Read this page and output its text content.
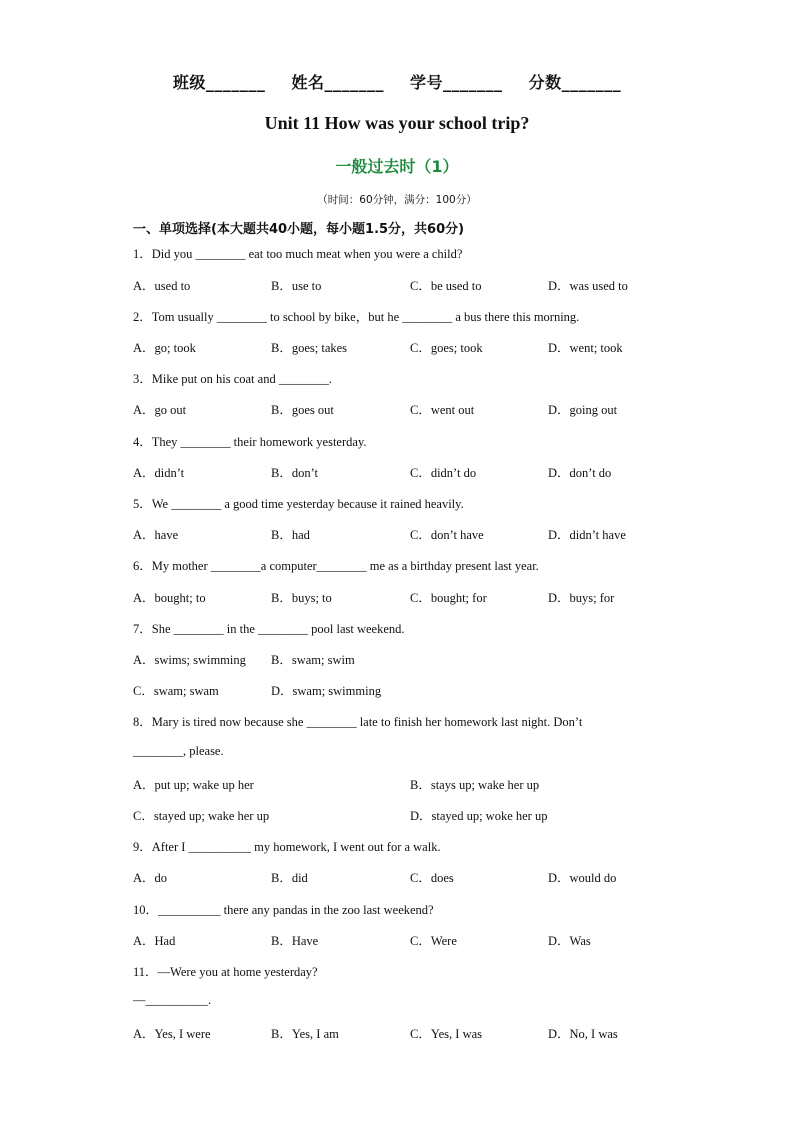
班级_______ 姓名_______ 学号_______ 分数_______
Unit 11 How was your school trip?
一般过去时（1）
（时间：60分钟，满分：100分）
一、单项选择(本大题共40小题，每小题1.5分，共60分)
1．Did you ________ eat too much meat when you were a child?
A．used to	B．use to	C．be used to	D．was used to
2．Tom usually ________ to school by bike，but he ________ a bus there this morning.
A．go; took	B．goes; takes	C．goes; took	D．went; took
3．Mike put on his coat and ________.
A．go out	B．goes out	C．went out	D．going out
4．They ________ their homework yesterday.
A．didn’t	B．don’t	C．didn’t do	D．don’t do
5．We ________ a good time yesterday because it rained heavily.
A．have	B．had	C．don’t have	D．didn’t have
6．My mother ________a computer________ me as a birthday present last year.
A．bought; to	B．buys; to	C．bought; for	D．buys; for
7．She ________ in the ________ pool last weekend.
A．swims; swimming B．swam; swim
C．swam; swam	D．swam; swimming
8．Mary is tired now because she ________ late to finish her homework last night. Don’t
________, please.
A．put up; wake up her	B．stays up; wake her up
C．stayed up; wake her up	D．stayed up; woke her up
9．After I __________ my homework, I went out for a walk.
A．do	B．did	C．does	D．would do
10．__________ there any pandas in the zoo last weekend?
A．Had	B．Have	C．Were	D．Was
11．—Were you at home yesterday?
—__________.
A．Yes, I were	B．Yes, I am	C．Yes, I was	D．No, I was
